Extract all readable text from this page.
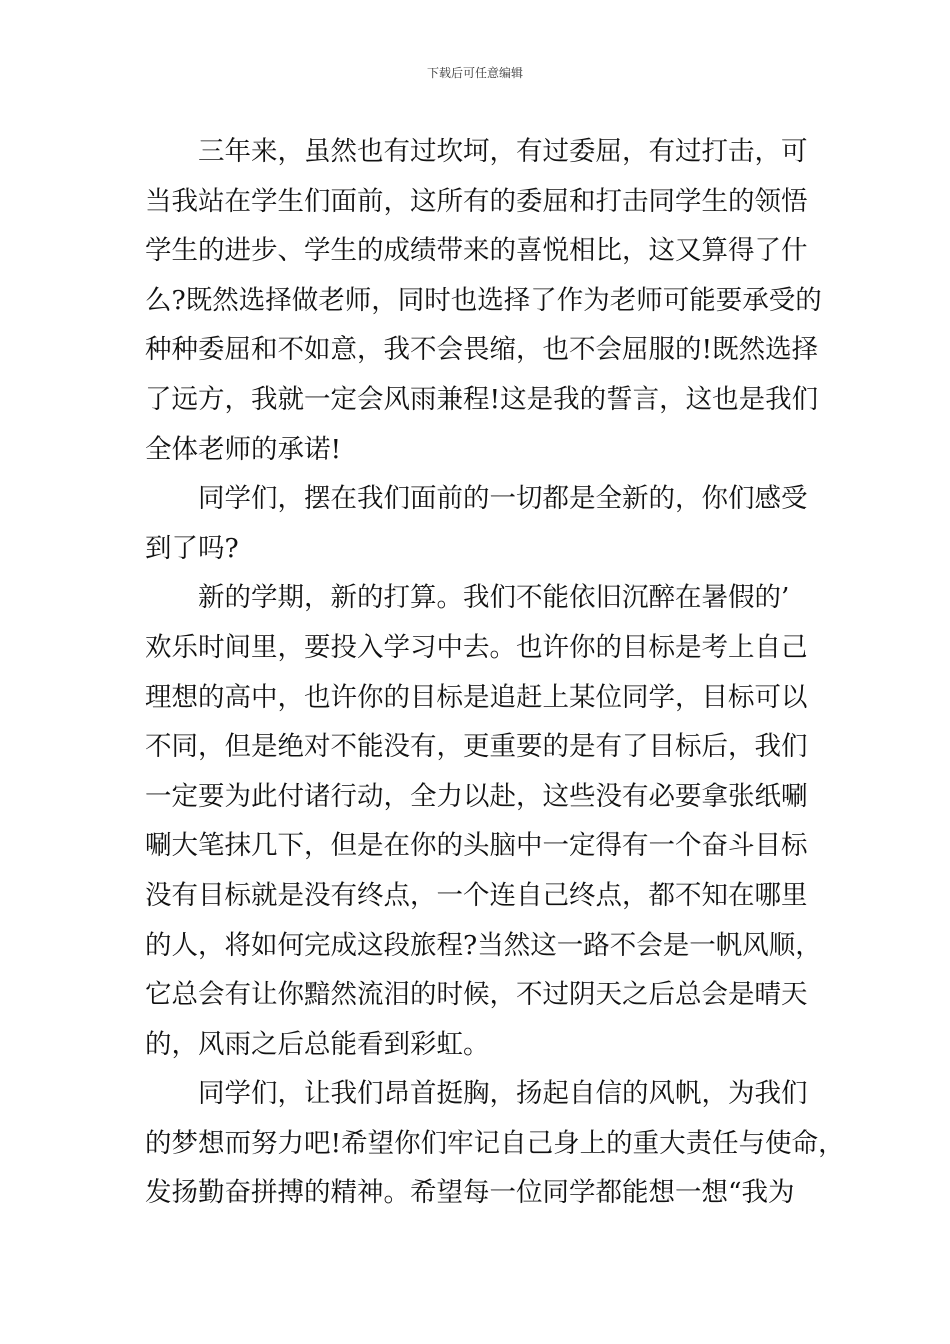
下载后可任意编辑
三年来，虽然也有过坎坷，有过委屈，有过打击，可
当我站在学生们面前，这所有的委屈和打击同学生的领悟
学生的进步、学生的成绩带来的喜悦相比，这又算得了什
么?既然选择做老师，同时也选择了作为老师可能要承受的
种种委屈和不如意，我不会畏缩，也不会屈服的!既然选择
了远方，我就一定会风雨兼程!这是我的誓言，这也是我们
全体老师的承诺!
同学们，摆在我们面前的一切都是全新的，你们感受
到了吗?
新的学期，新的打算。我们不能依旧沉醉在暑假的’
欢乐时间里，要投入学习中去。也许你的目标是考上自己
理想的高中，也许你的目标是追赶上某位同学，目标可以
不同，但是绝对不能没有，更重要的是有了目标后，我们
一定要为此付诸行动，全力以赴，这些没有必要拿张纸唰
唰大笔抹几下，但是在你的头脑中一定得有一个奋斗目标
没有目标就是没有终点，一个连自己终点，都不知在哪里
的人，将如何完成这段旅程?当然这一路不会是一帆风顺，
它总会有让你黯然流泪的时候，不过阴天之后总会是晴天
的，风雨之后总能看到彩虹。
同学们，让我们昂首挺胸，扬起自信的风帆，为我们
的梦想而努力吧!希望你们牢记自己身上的重大责任与使命，
发扬勤奋拼搏的精神。希望每一位同学都能想一想“我为
